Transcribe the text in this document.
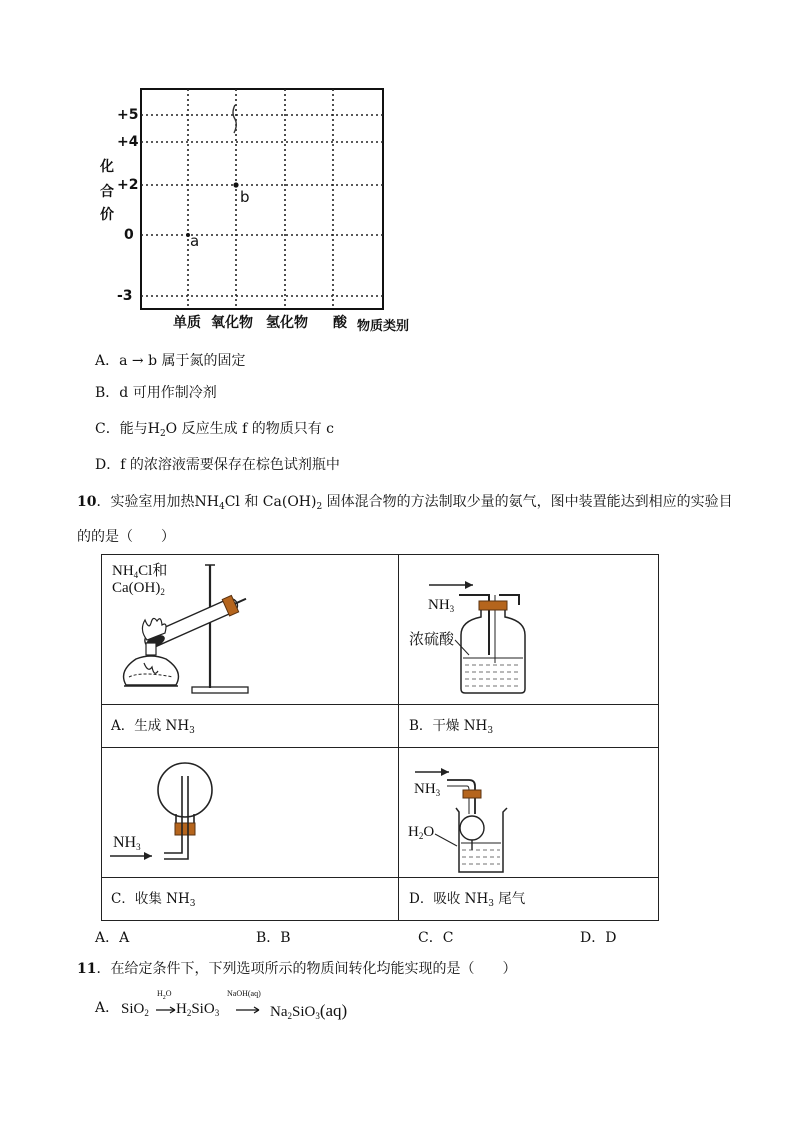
+5
+4
+2
0
-3
化
合
价
b
a
单质 氧化物 氢化物 酸 物质类别
A．a → b 属于氮的固定
B．d 可用作制冷剂
C．能与$H_2O$ 反应生成 f 的物质只有 c
D．f 的浓溶液需要保存在棕色试剂瓶中
10．实验室用加热$NH_4Cl$ 和 $Ca(OH)_2$ 固体混合物的方法制取少量的氨气，图中装置能达到相应的实验目
的的是（　　）
$NH_4Cl$和
$Ca(OH)_2$
$NH_3$
浓硫酸
$NH_3$
$NH_3$
$H_2O$
A．生成 $NH_3$	B．干燥 $NH_3$
C．收集 $NH_3$	D．吸收 $NH_3$ 尾气
A．A	B．B	C．C	D．D
11．在给定条件下，下列选项所示的物质间转化均能实现的是（　　）
A． SiO$_2$
$H_2O$
$H_2SiO_3$
NaOH(aq)
$Na_2SiO_3(aq)$
